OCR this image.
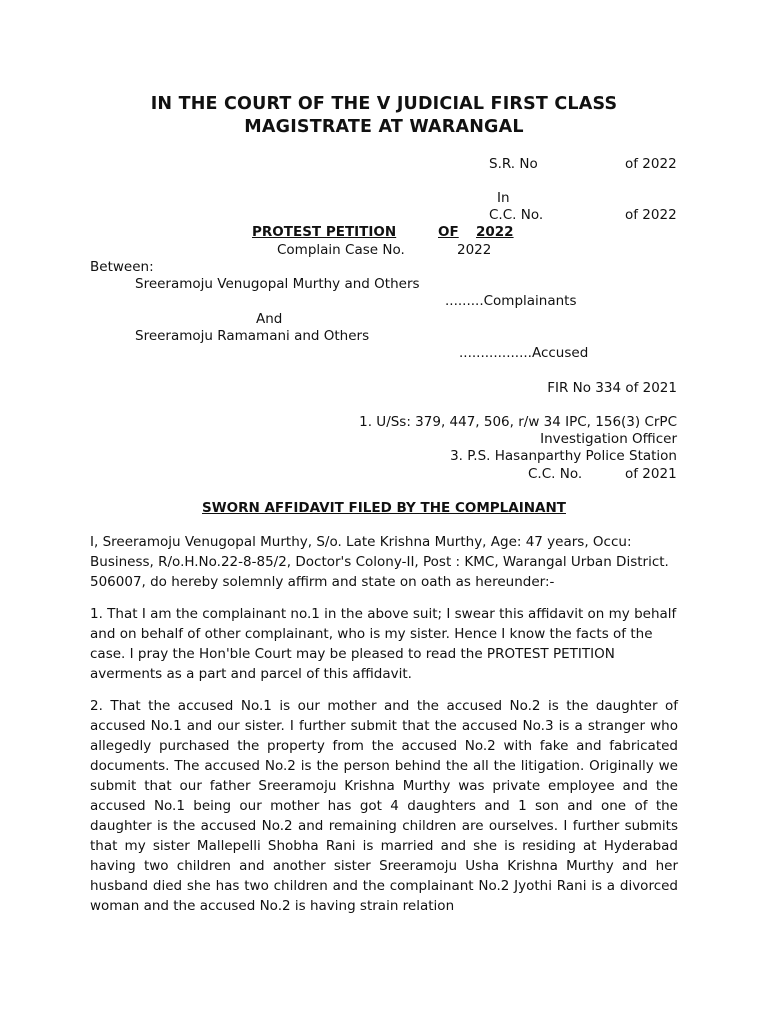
IN THE COURT OF THE V JUDICIAL FIRST CLASS
MAGISTRATE AT WARANGAL
S.R. No	of 2022
In
C.C. No.	of 2022
PROTEST PETITION	OF 2022
Complain Case No.	2022
Between:
Sreeramoju Venugopal Murthy and Others
.........Complainants
And
Sreeramoju Ramamani and Others
.................Accused
FIR No 334 of 2021
1. U/Ss: 379, 447, 506, r/w 34 IPC, 156(3) CrPC
Investigation Officer
3. P.S. Hasanparthy Police Station
C.C. No.	of 2021
SWORN AFFIDAVIT FILED BY THE COMPLAINANT
I, Sreeramoju Venugopal Murthy, S/o. Late Krishna Murthy, Age: 47 years, Occu: Business, R/o.H.No.22-8-85/2, Doctor's Colony-II, Post : KMC, Warangal Urban District. 506007, do hereby solemnly affirm and state on oath as hereunder:-
1. That I am the complainant no.1 in the above suit; I swear this affidavit on my behalf and on behalf of other complainant, who is my sister. Hence I know the facts of the case. I pray the Hon'ble Court may be pleased to read the PROTEST PETITION averments as a part and parcel of this affidavit.
2. That the accused No.1 is our mother and the accused No.2 is the daughter of accused No.1 and our sister. I further submit that the accused No.3 is a stranger who allegedly purchased the property from the accused No.2 with fake and fabricated documents. The accused No.2 is the person behind the all the litigation. Originally we submit that our father Sreeramoju Krishna Murthy was private employee and the accused No.1 being our mother has got 4 daughters and 1 son and one of the daughter is the accused No.2 and remaining children are ourselves. I further submits that my sister Mallepelli Shobha Rani is married and she is residing at Hyderabad having two children and another sister Sreeramoju Usha Krishna Murthy and her husband died she has two children and the complainant No.2 Jyothi Rani is a divorced woman and the accused No.2 is having strain relation
